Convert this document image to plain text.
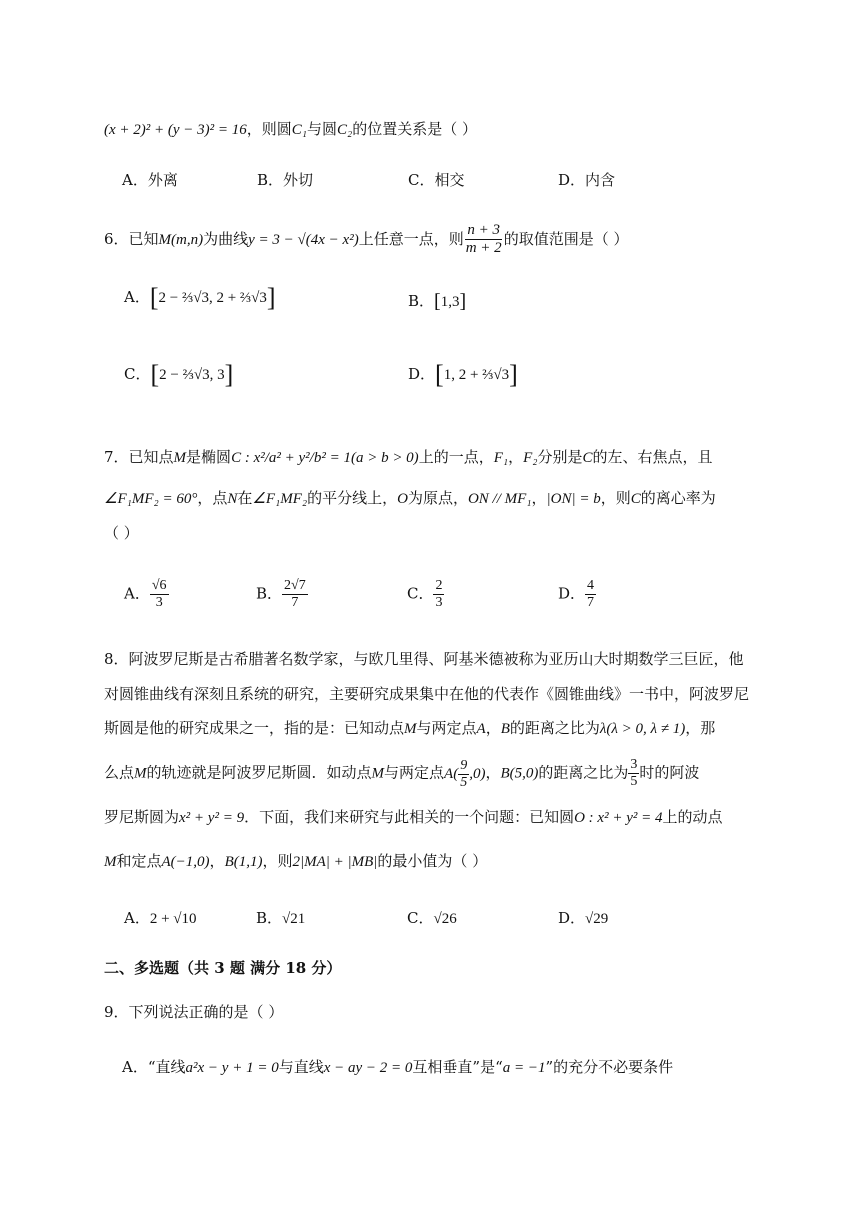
(x + 2)² + (y − 3)² = 16，则圆C₁与圆C₂的位置关系是（ ）
A．外离	B．外切	C．相交	D．内含
6．已知M(m,n)为曲线y = 3 − √(4x − x²)上任意一点，则 $\frac{n + 3}{m + 2}$ 的取值范围是（ ）
A．[2 − ⅔√3, 2 + ⅔√3]	B．[1,3]
C．[2 − ⅔√3, 3]	D．[1, 2 + ⅔√3]
7．已知点M是椭圆C : x²/a² + y²/b² = 1(a > b > 0)上的一点，F₁，F₂分别是C的左、右焦点，且
∠F₁MF₂ = 60°，点N在∠F₁MF₂的平分线上，O为原点，ON // MF₁，|ON| = b，则C的离心率为
（ ）
A． $\frac{√6}{3}$	B． $\frac{2√7}{7}$	C． $\frac{2}{3}$	D． $\frac{4}{7}$
8．阿波罗尼斯是古希腊著名数学家，与欧几里得、阿基米德被称为亚历山大时期数学三巨匠，他
对圆锥曲线有深刻且系统的研究，主要研究成果集中在他的代表作《圆锥曲线》一书中，阿波罗尼
斯圆是他的研究成果之一，指的是：已知动点M与两定点A，B的距离之比为λ(λ > 0, λ ≠ 1)，那
么点M的轨迹就是阿波罗尼斯圆．如动点M与两定点$A( \frac{9}{5} ,0)$，B(5,0)的距离之比为 $\frac{3}{5}$ 时的阿波
罗尼斯圆为x² + y² = 9．下面，我们来研究与此相关的一个问题：已知圆O : x² + y² = 4上的动点
M和定点A(−1,0)，B(1,1)，则2|MA| + |MB|的最小值为（ ）
A．2 + √10	B．√21	C．√26	D．√29
二、多选题（共 3 题 满分 18 分）
9．下列说法正确的是（ ）
A．“直线a²x − y + 1 = 0与直线x − ay − 2 = 0互相垂直”是“a = −1”的充分不必要条件
